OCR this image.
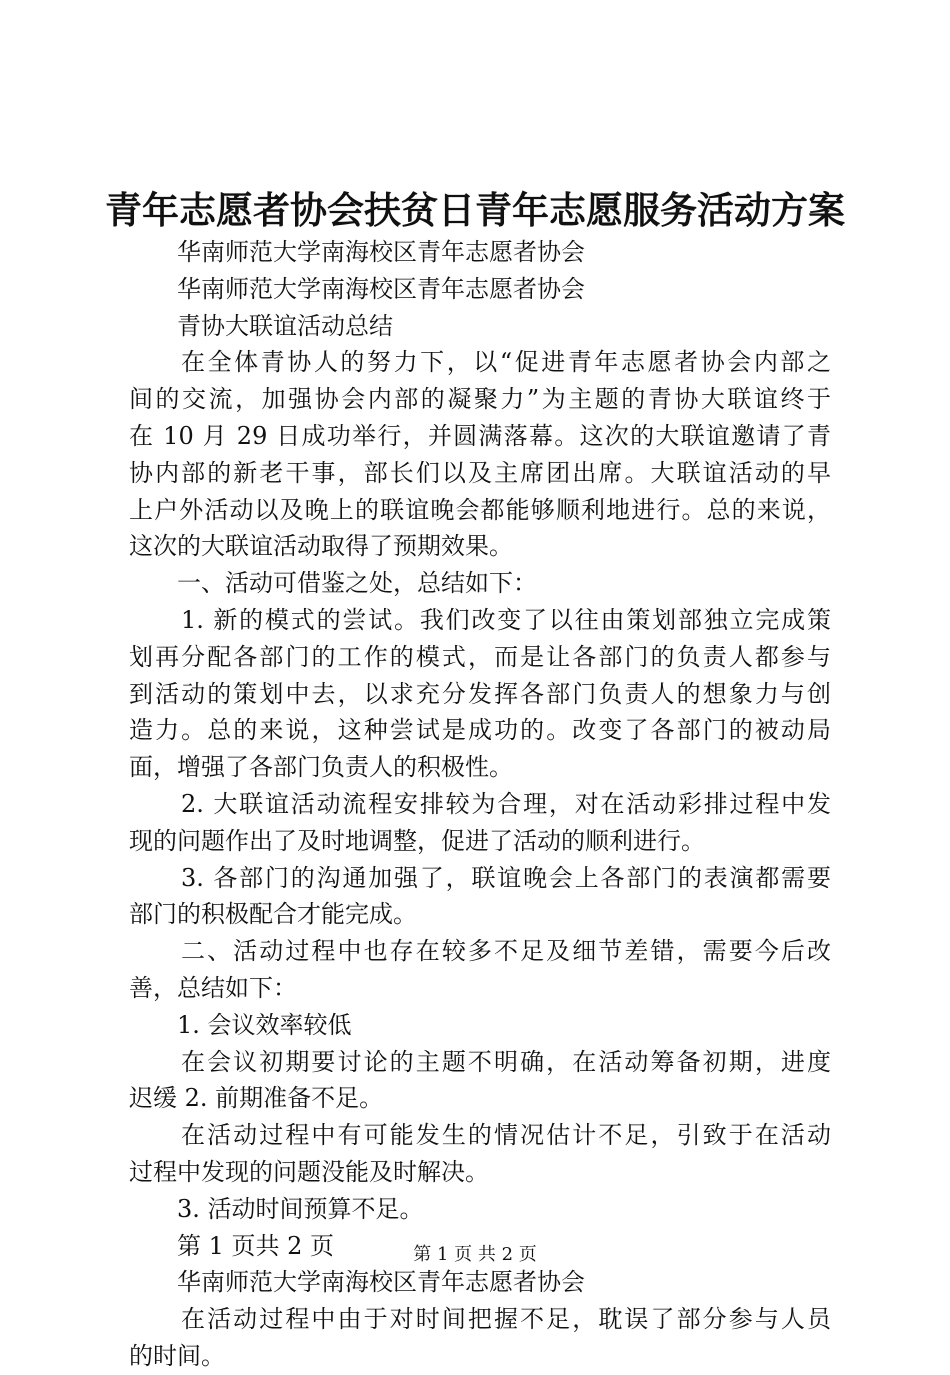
青年志愿者协会扶贫日青年志愿服务活动方案
华南师范大学南海校区青年志愿者协会
华南师范大学南海校区青年志愿者协会
青协大联谊活动总结
在全体青协人的努力下，以“促进青年志愿者协会内部之
间的交流，加强协会内部的凝聚力”为主题的青协大联谊终于
在 10 月 29 日成功举行，并圆满落幕。这次的大联谊邀请了青
协内部的新老干事，部长们以及主席团出席。大联谊活动的早
上户外活动以及晚上的联谊晚会都能够顺利地进行。总的来说，
这次的大联谊活动取得了预期效果。
一、活动可借鉴之处，总结如下：
1. 新的模式的尝试。我们改变了以往由策划部独立完成策
划再分配各部门的工作的模式，而是让各部门的负责人都参与
到活动的策划中去，以求充分发挥各部门负责人的想象力与创
造力。总的来说，这种尝试是成功的。改变了各部门的被动局
面，增强了各部门负责人的积极性。
2. 大联谊活动流程安排较为合理，对在活动彩排过程中发
现的问题作出了及时地调整，促进了活动的顺利进行。
3. 各部门的沟通加强了，联谊晚会上各部门的表演都需要
部门的积极配合才能完成。
二、活动过程中也存在较多不足及细节差错，需要今后改
善，总结如下：
1. 会议效率较低
在会议初期要讨论的主题不明确，在活动筹备初期，进度
迟缓 2. 前期准备不足。
在活动过程中有可能发生的情况估计不足，引致于在活动
过程中发现的问题没能及时解决。
3. 活动时间预算不足。
第 1 页共 2 页
华南师范大学南海校区青年志愿者协会
在活动过程中由于对时间把握不足，耽误了部分参与人员
的时间。
第 1 页 共 2 页
